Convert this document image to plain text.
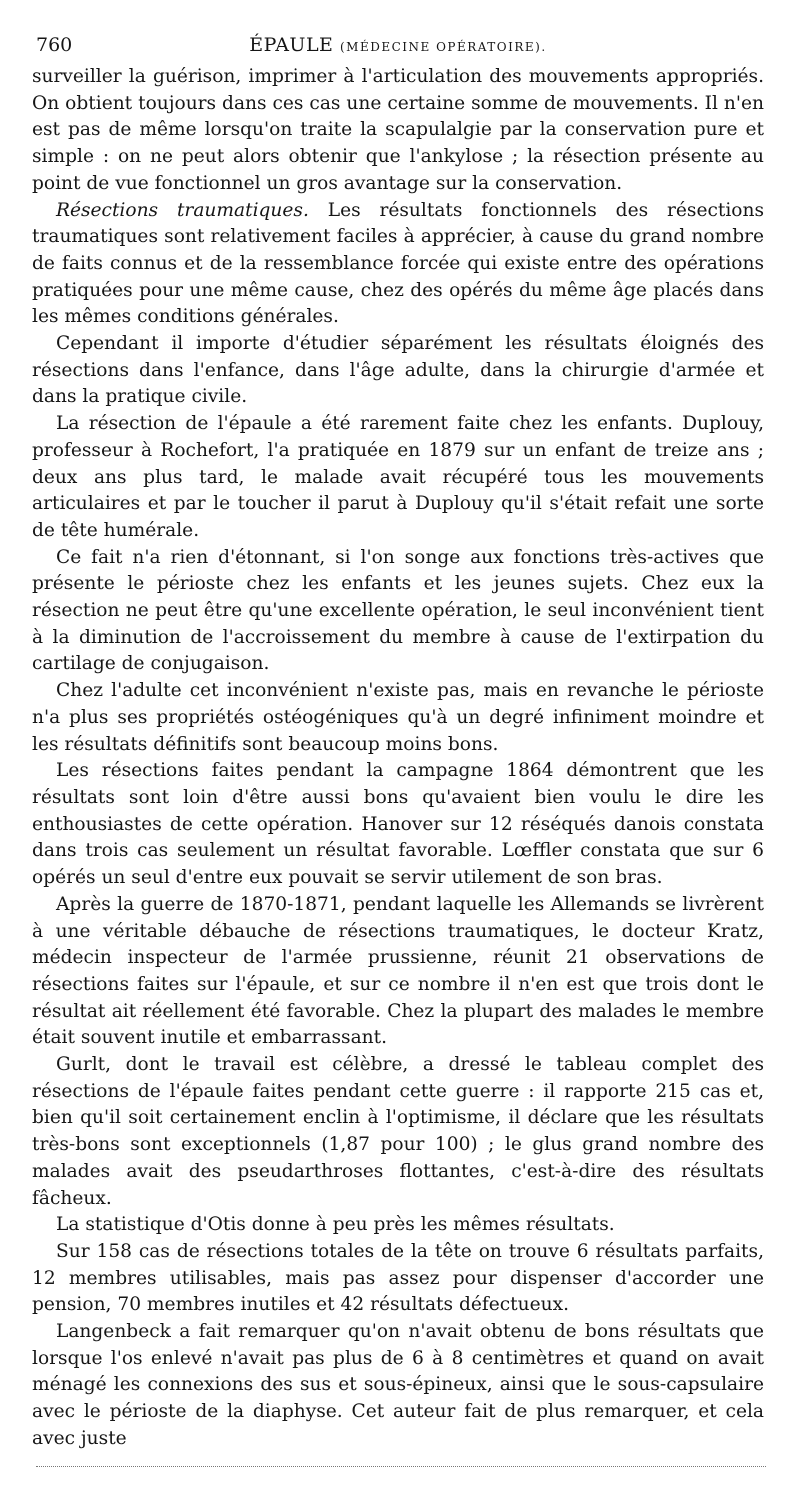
760	ÉPAULE (MÉDECINE OPÉRATOIRE).

surveiller la guérison, imprimer à l'articulation des mouvements appropriés. On obtient toujours dans ces cas une certaine somme de mouvements. Il n'en est pas de même lorsqu'on traite la scapulalgie par la conservation pure et simple : on ne peut alors obtenir que l'ankylose ; la résection présente au point de vue fonctionnel un gros avantage sur la conservation.

Résections traumatiques. Les résultats fonctionnels des résections traumatiques sont relativement faciles à apprécier, à cause du grand nombre de faits connus et de la ressemblance forcée qui existe entre des opérations pratiquées pour une même cause, chez des opérés du même âge placés dans les mêmes conditions générales.

Cependant il importe d'étudier séparément les résultats éloignés des résections dans l'enfance, dans l'âge adulte, dans la chirurgie d'armée et dans la pratique civile.

La résection de l'épaule a été rarement faite chez les enfants. Duplouy, professeur à Rochefort, l'a pratiquée en 1879 sur un enfant de treize ans ; deux ans plus tard, le malade avait récupéré tous les mouvements articulaires et par le toucher il parut à Duplouy qu'il s'était refait une sorte de tête humérale.

Ce fait n'a rien d'étonnant, si l'on songe aux fonctions très-actives que présente le périoste chez les enfants et les jeunes sujets. Chez eux la résection ne peut être qu'une excellente opération, le seul inconvénient tient à la diminution de l'accroissement du membre à cause de l'extirpation du cartilage de conjugaison.

Chez l'adulte cet inconvénient n'existe pas, mais en revanche le périoste n'a plus ses propriétés ostéogéniques qu'à un degré infiniment moindre et les résultats définitifs sont beaucoup moins bons.

Les résections faites pendant la campagne 1864 démontrent que les résultats sont loin d'être aussi bons qu'avaient bien voulu le dire les enthousiastes de cette opération. Hanover sur 12 réséqués danois constata dans trois cas seulement un résultat favorable. Lœffler constata que sur 6 opérés un seul d'entre eux pouvait se servir utilement de son bras.

Après la guerre de 1870-1871, pendant laquelle les Allemands se livrèrent à une véritable débauche de résections traumatiques, le docteur Kratz, médecin inspecteur de l'armée prussienne, réunit 21 observations de résections faites sur l'épaule, et sur ce nombre il n'en est que trois dont le résultat ait réellement été favorable. Chez la plupart des malades le membre était souvent inutile et embarrassant.

Gurlt, dont le travail est célèbre, a dressé le tableau complet des résections de l'épaule faites pendant cette guerre : il rapporte 215 cas et, bien qu'il soit certainement enclin à l'optimisme, il déclare que les résultats très-bons sont exceptionnels (1,87 pour 100) ; le glus grand nombre des malades avait des pseudarthroses flottantes, c'est-à-dire des résultats fâcheux.

La statistique d'Otis donne à peu près les mêmes résultats.

Sur 158 cas de résections totales de la tête on trouve 6 résultats parfaits, 12 membres utilisables, mais pas assez pour dispenser d'accorder une pension, 70 membres inutiles et 42 résultats défectueux.

Langenbeck a fait remarquer qu'on n'avait obtenu de bons résultats que lorsque l'os enlevé n'avait pas plus de 6 à 8 centimètres et quand on avait ménagé les connexions des sus et sous-épineux, ainsi que le sous-capsulaire avec le périoste de la diaphyse. Cet auteur fait de plus remarquer, et cela avec juste
